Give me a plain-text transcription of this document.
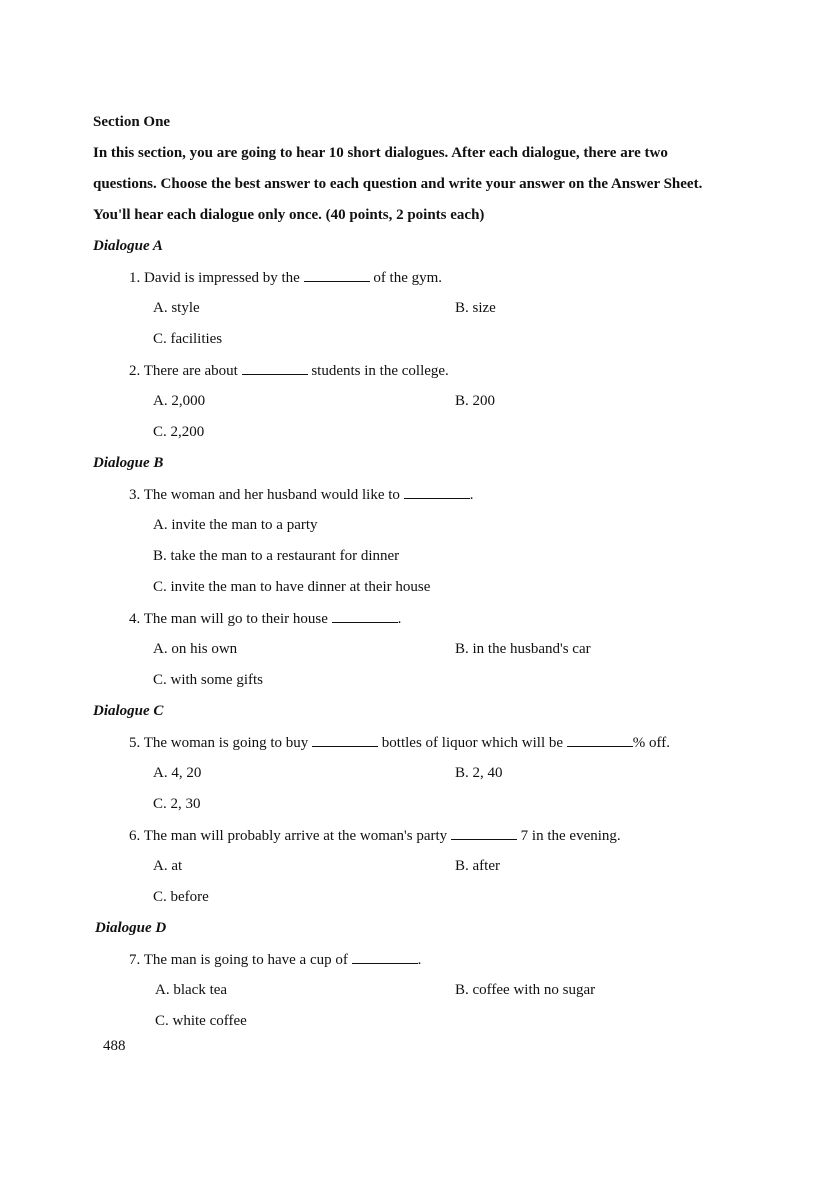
Section One
In this section, you are going to hear 10 short dialogues. After each dialogue, there are two
questions. Choose the best answer to each question and write your answer on the Answer Sheet.
You'll hear each dialogue only once. (40 points, 2 points each)
Dialogue A
1. David is impressed by the	of the gym.
A. style	B. size
C. facilities
2. There are about	students in the college.
A. 2,000	B. 200
C. 2,200
Dialogue B
3. The woman and her husband would like to	.
A. invite the man to a party
B. take the man to a restaurant for dinner
C. invite the man to have dinner at their house
4. The man will go to their house	.
A. on his own	B. in the husband's car
C. with some gifts
Dialogue C
5. The woman is going to buy	bottles of liquor which will be	% off.
A. 4, 20	B. 2, 40
C. 2, 30
6. The man will probably arrive at the woman's party	7 in the evening.
A. at	B. after
C. before
Dialogue D
7. The man is going to have a cup of	.
A. black tea	B. coffee with no sugar
C. white coffee
488
